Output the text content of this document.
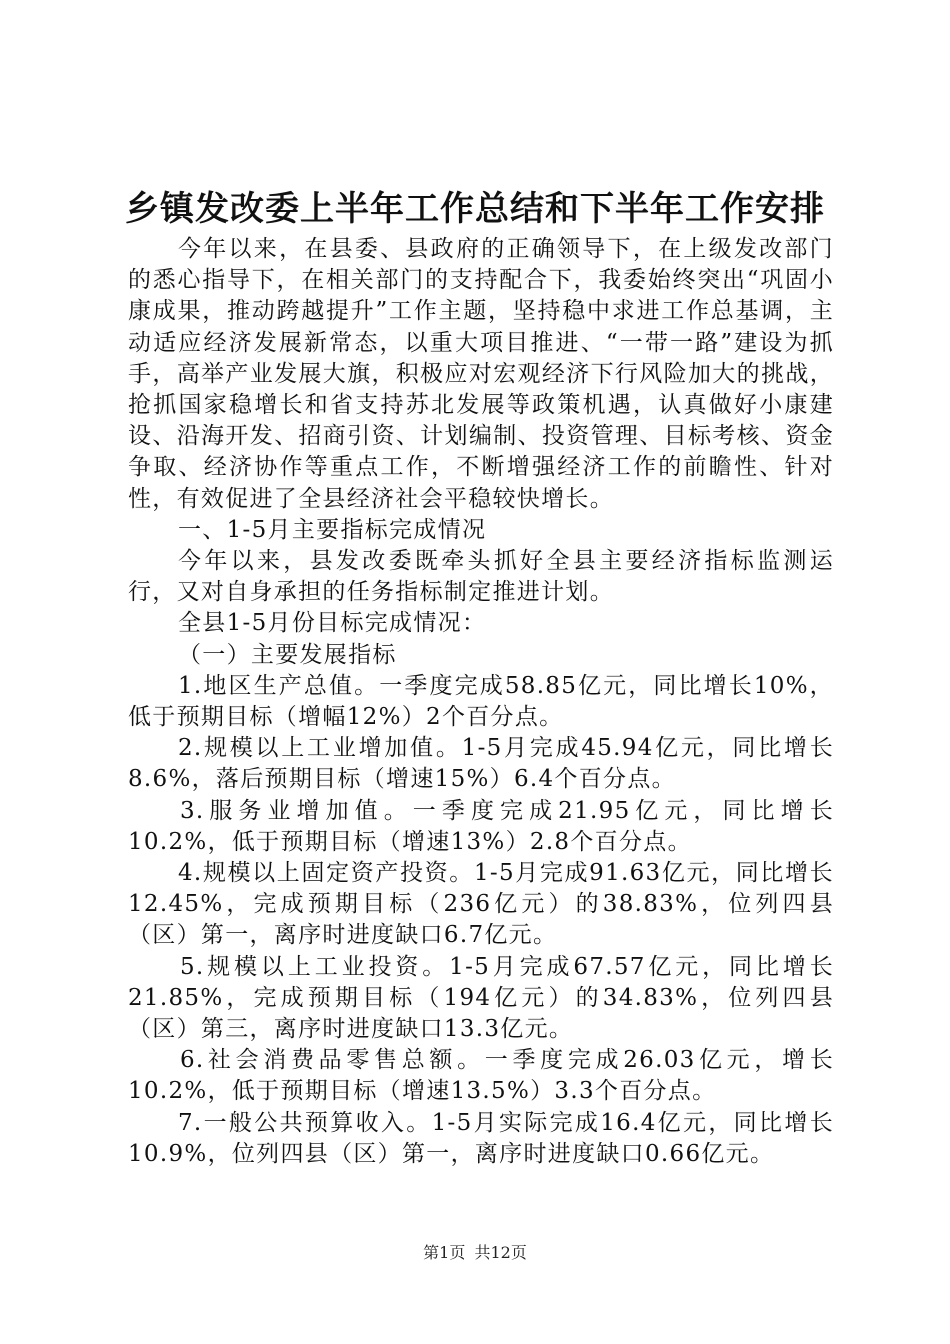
乡镇发改委上半年工作总结和下半年工作安排

今年以来，在县委、县政府的正确领导下，在上级发改部门的悉心指导下，在相关部门的支持配合下，我委始终突出“巩固小康成果，推动跨越提升”工作主题，坚持稳中求进工作总基调，主动适应经济发展新常态，以重大项目推进、“一带一路”建设为抓手，高举产业发展大旗，积极应对宏观经济下行风险加大的挑战，抢抓国家稳增长和省支持苏北发展等政策机遇，认真做好小康建设、沿海开发、招商引资、计划编制、投资管理、目标考核、资金争取、经济协作等重点工作，不断增强经济工作的前瞻性、针对性，有效促进了全县经济社会平稳较快增长。

一、1-5月主要指标完成情况

今年以来，县发改委既牵头抓好全县主要经济指标监测运行，又对自身承担的任务指标制定推进计划。

全县1-5月份目标完成情况：

（一）主要发展指标

1.地区生产总值。一季度完成58.85亿元，同比增长10%，低于预期目标（增幅12%）2个百分点。

2.规模以上工业增加值。1-5月完成45.94亿元，同比增长8.6%，落后预期目标（增速15%）6.4个百分点。

3.服务业增加值。一季度完成21.95亿元，同比增长10.2%，低于预期目标（增速13%）2.8个百分点。

4.规模以上固定资产投资。1-5月完成91.63亿元，同比增长12.45%，完成预期目标（236亿元）的38.83%，位列四县（区）第一，离序时进度缺口6.7亿元。

5.规模以上工业投资。1-5月完成67.57亿元，同比增长21.85%，完成预期目标（194亿元）的34.83%，位列四县（区）第三，离序时进度缺口13.3亿元。

6.社会消费品零售总额。一季度完成26.03亿元，增长10.2%，低于预期目标（增速13.5%）3.3个百分点。

7.一般公共预算收入。1-5月实际完成16.4亿元，同比增长10.9%，位列四县（区）第一，离序时进度缺口0.66亿元。

第1页 共12页
